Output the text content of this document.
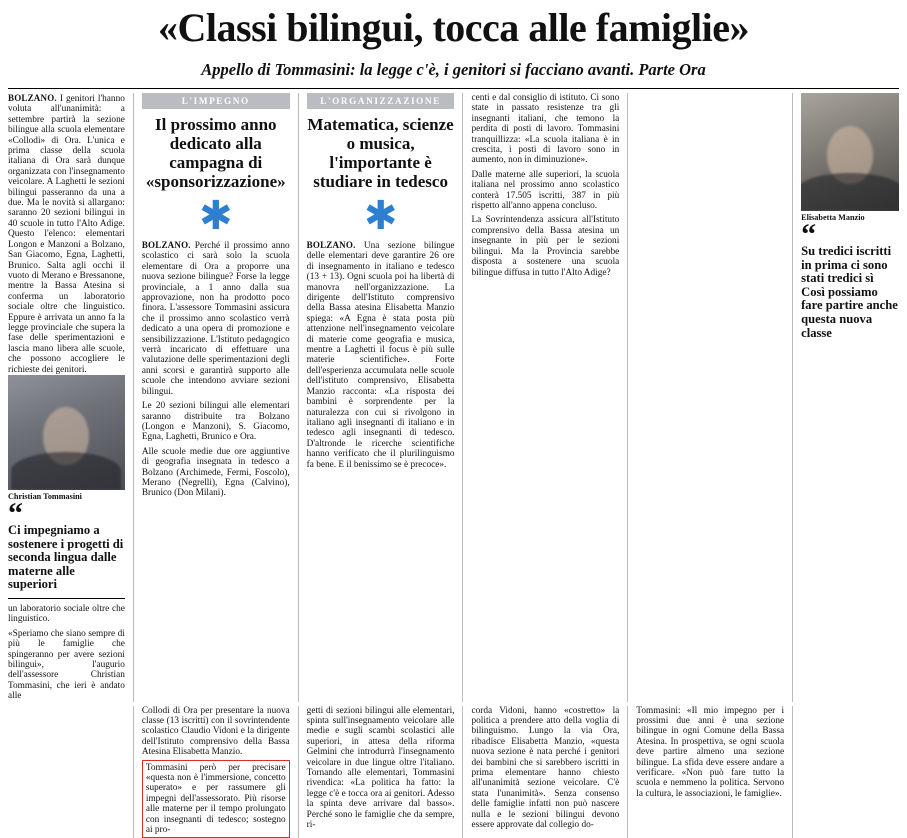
«Classi bilingui, tocca alle famiglie»
Appello di Tommasini: la legge c'è, i genitori si facciano avanti. Parte Ora
BOLZANO. I genitori l'hanno voluta all'unanimità: a settembre partirà la sezione bilingue alla scuola elementare «Collodi» di Ora. L'unica e prima classe della scuola italiana di Ora sarà dunque organizzata con l'insegnamento veicolare. A Laghetti le sezioni bilingui passeranno da una a due. Ma le novità si allargano: saranno 20 sezioni bilingui in 40 scuole in tutto l'Alto Adige. Questo l'elenco: elementari Longon e Manzoni a Bolzano, San Giacomo, Egna, Laghetti, Brunico. Salta agli occhi il vuoto di Merano e Bressanone, mentre la Bassa Atesina si conferma un laboratorio sociale oltre che linguistico. Eppure è arrivata un anno fa la legge provinciale che supera la fase delle sperimentazioni e lascia mano libera alle scuole, che possono accogliere le richieste dei genitori.
Christian Tommasini
“
Ci impegniamo a sostenere i progetti di seconda lingua dalle materne alle superiori
un laboratorio sociale oltre che linguistico.
«Speriamo che siano sempre di più le famiglie che spingeranno per avere sezioni bilingui», l'augurio dell'assessore Christian Tommasini, che ieri è andato alle
L'IMPEGNO
Il prossimo anno dedicato alla campagna di «sponsorizzazione»
✱
BOLZANO. Perché il prossimo anno scolastico ci sarà solo la scuola elementare di Ora a proporre una nuova sezione bilingue? Forse la legge provinciale, a 1 anno dalla sua approvazione, non ha prodotto poco finora. L'assessore Tommasini assicura che il prossimo anno scolastico verrà dedicato a una opera di promozione e sensibilizzazione. L'Istituto pedagogico verrà incaricato di effettuare una valutazione delle sperimentazioni degli anni scorsi e garantirà supporto alle scuole che intendono avviare sezioni bilingui.
Le 20 sezioni bilingui alle elementari saranno distribuite tra Bolzano (Longon e Manzoni), S. Giacomo, Egna, Laghetti, Brunico e Ora.
Alle scuole medie due ore aggiuntive di geografia insegnata in tedesco a Bolzano (Archimede, Fermi, Foscolo), Merano (Negrelli), Egna (Calvino), Brunico (Don Milani).
L'ORGANIZZAZIONE
Matematica, scienze o musica, l'importante è studiare in tedesco
✱
BOLZANO. Una sezione bilingue delle elementari deve garantire 26 ore di insegnamento in italiano e tedesco (13 + 13). Ogni scuola poi ha libertà di manovra nell'organizzazione. La dirigente dell'Istituto comprensivo della Bassa atesina Elisabetta Manzio spiega: «A Egna è stata posta più attenzione nell'insegnamento veicolare di materie come geografia e musica, mentre a Laghetti il focus è più sulle materie scientifiche». Forte dell'esperienza accumulata nelle scuole dell'istituto comprensivo, Elisabetta Manzio racconta: «La risposta dei bambini è sorprendente per la naturalezza con cui si rivolgono in italiano agli insegnanti di italiano e in tedesco agli insegnanti di tedesco. D'altronde le ricerche scientifiche hanno verificato che il plurilinguismo fa bene. E il benissimo se è precoce».
centi e dal consiglio di istituto. Ci sono state in passato resistenze tra gli insegnanti italiani, che temono la perdita di posti di lavoro. Tommasini tranquillizza: «La scuola italiana è in crescita, i posti di lavoro sono in aumento, non in diminuzione».
Dalle materne alle superiori, la scuola italiana nel prossimo anno scolastico conterà 17.505 iscritti, 387 in più rispetto all'anno appena concluso.
La Sovrintendenza assicura all'Istituto comprensivo della Bassa atesina un insegnante in più per le sezioni bilingui. Ma la Provincia sarebbe disposta a sostenere una scuola bilingue diffusa in tutto l'Alto Adige?
Elisabetta Manzio
“
Su tredici iscritti in prima ci sono stati tredici sì Così possiamo fare partire anche questa nuova classe
Collodi di Ora per presentare la nuova classe (13 iscritti) con il sovrintendente scolastico Claudio Vidoni e la dirigente dell'Istituto comprensivo della Bassa Atesina Elisabetta Manzio.
Tommasini però per precisare «questa non è l'immersione, concetto superato» e per rassumere gli impegni dell'assessorato. Più risorse alle materne per il tempo prolungato con insegnanti di tedesco; sostegno ai pro-
getti di sezioni bilingui alle elementari, spinta sull'insegnamento veicolare alle medie e sugli scambi scolastici alle superiori, in attesa della riforma Gelmini che introdurrà l'insegnamento veicolare in due lingue oltre l'italiano. Tornando alle elementari, Tommasini rivendica: «La politica ha fatto: la legge c'è e tocca ora ai genitori. Adesso la spinta deve arrivare dal basso». Perché sono le famiglie che da sempre, ri-
corda Vidoni, hanno «costretto» la politica a prendere atto della voglia di bilinguismo. Lungo la via Ora, ribadisce Elisabetta Manzio, «questa nuova sezione è nata perché i genitori dei bambini che si sarebbero iscritti in prima elementare hanno chiesto all'unanimità sezione veicolare. C'è stata l'unanimità». Senza consenso delle famiglie infatti non può nascere nulla e le sezioni bilingui devono essere approvate dal collegio do-
Tommasini: «Il mio impegno per i prossimi due anni è una sezione bilingue in ogni Comune della Bassa Atesina. In prospettiva, se ogni scuola deve partire almeno una sezione bilingue. La sfida deve essere andare a verificare. «Non può fare tutto la scuola e nemmeno la politica. Servono la cultura, le associazioni, le famiglie».
